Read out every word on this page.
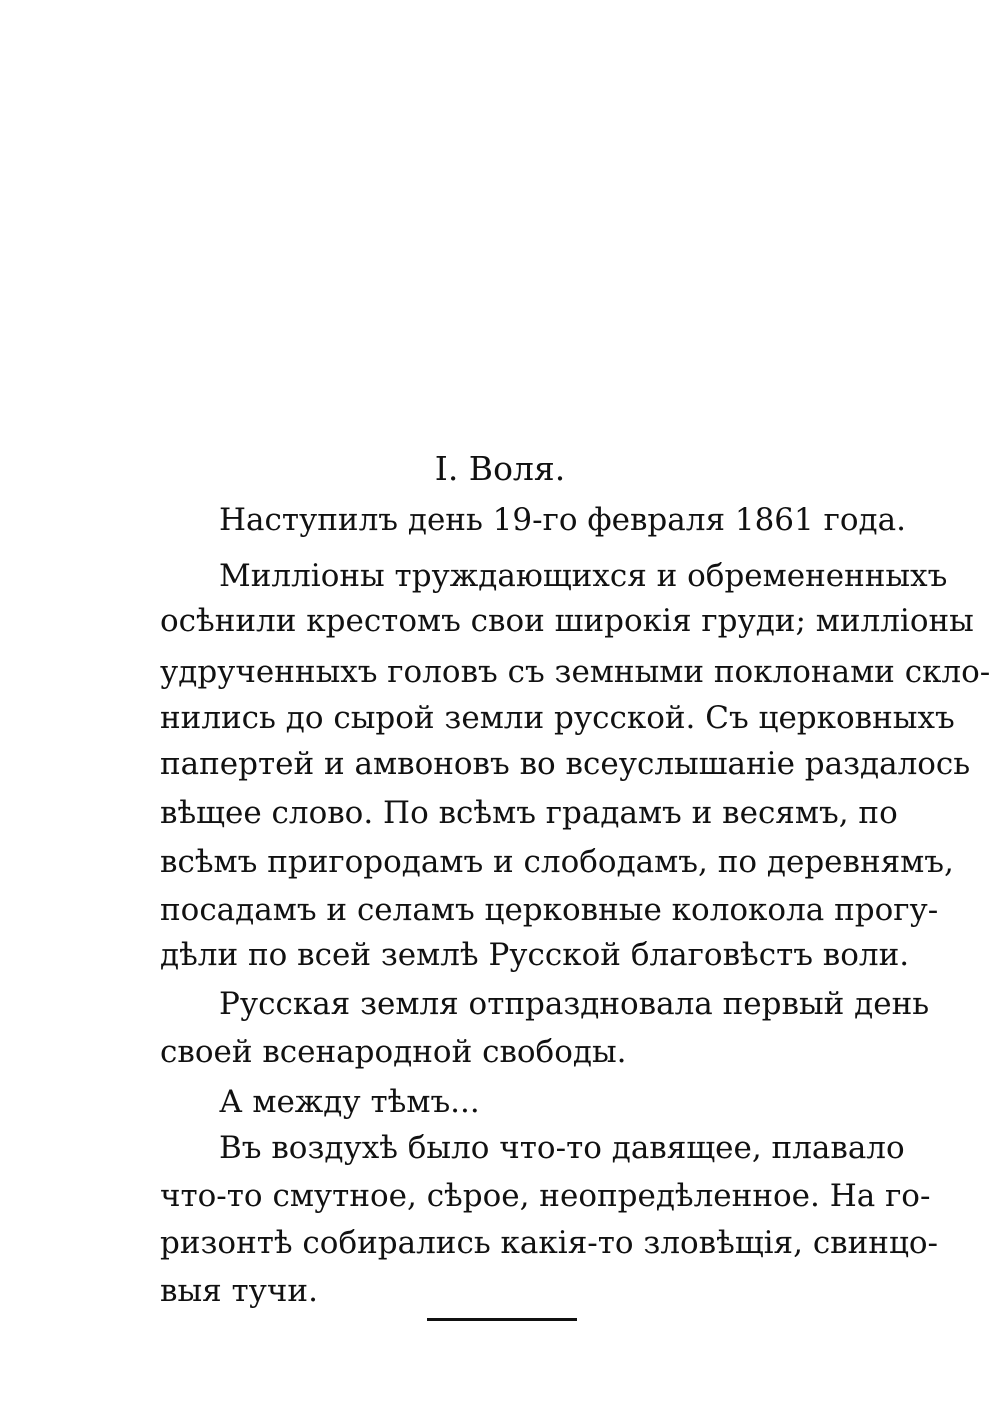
I. Воля.

Наступилъ день 19-го февраля 1861 года.

Миллiоны труждающихся и обремененныхъ

осѣнили крестомъ свои широкiя груди; миллiоны

удрученныхъ головъ съ земными поклонами скло-

нились до сырой земли русской. Съ церковныхъ

папертей и амвоновъ во всеуслышанiе раздалось

вѣщее слово. По всѣмъ градамъ и весямъ, по

всѣмъ пригородамъ и слободамъ, по деревнямъ,

посадамъ и селамъ церковные колокола прогу-

дѣли по всей землѣ Русской благовѣстъ воли.

Русская земля отпраздновала первый день

своей всенародной свободы.

А между тѣмъ...

Въ воздухѣ было что-то давящее, плавало

что-то смутное, сѣрое, неопредѣленное. На го-

ризонтѣ собирались какiя-то зловѣщiя, свинцо-

выя тучи.
